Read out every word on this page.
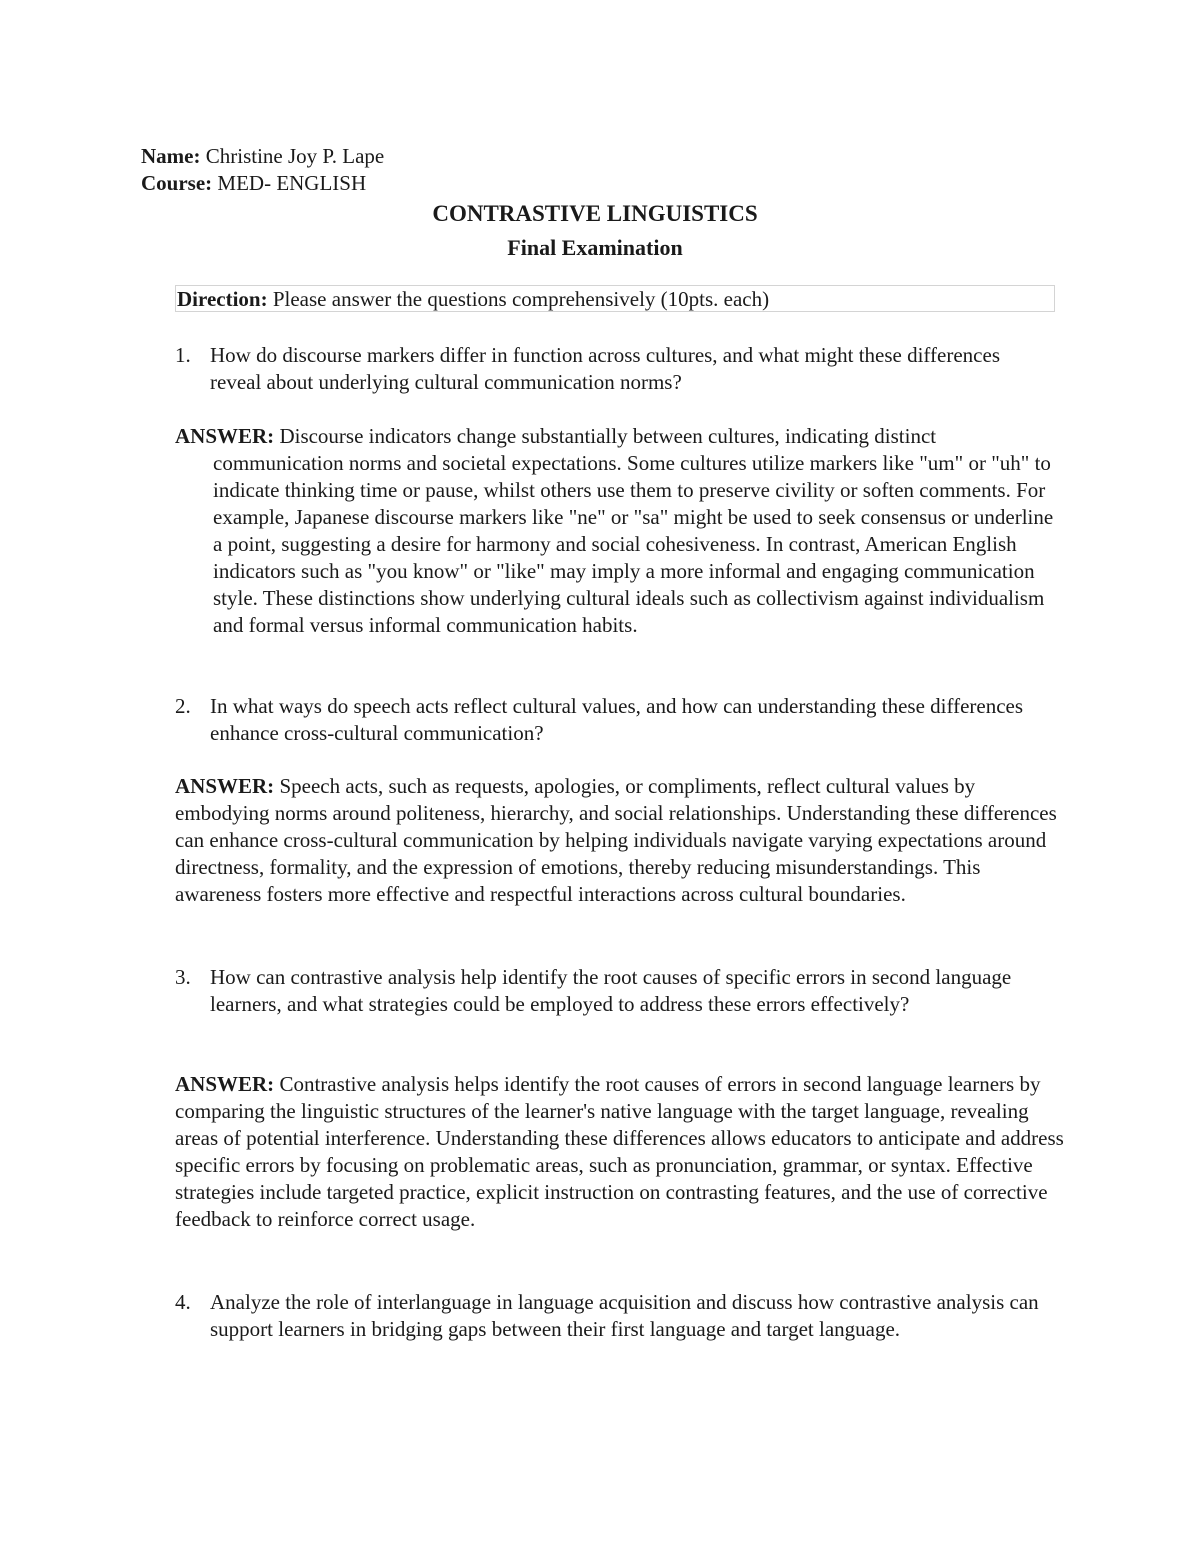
Name: Christine Joy P. Lape
Course: MED- ENGLISH
CONTRASTIVE LINGUISTICS
Final Examination
Direction: Please answer the questions comprehensively (10pts. each)
1. How do discourse markers differ in function across cultures, and what might these differences reveal about underlying cultural communication norms?
ANSWER: Discourse indicators change substantially between cultures, indicating distinct communication norms and societal expectations. Some cultures utilize markers like "um" or "uh" to indicate thinking time or pause, whilst others use them to preserve civility or soften comments. For example, Japanese discourse markers like "ne" or "sa" might be used to seek consensus or underline a point, suggesting a desire for harmony and social cohesiveness. In contrast, American English indicators such as "you know" or "like" may imply a more informal and engaging communication style. These distinctions show underlying cultural ideals such as collectivism against individualism and formal versus informal communication habits.
2. In what ways do speech acts reflect cultural values, and how can understanding these differences enhance cross-cultural communication?
ANSWER: Speech acts, such as requests, apologies, or compliments, reflect cultural values by embodying norms around politeness, hierarchy, and social relationships. Understanding these differences can enhance cross-cultural communication by helping individuals navigate varying expectations around directness, formality, and the expression of emotions, thereby reducing misunderstandings. This awareness fosters more effective and respectful interactions across cultural boundaries.
3. How can contrastive analysis help identify the root causes of specific errors in second language learners, and what strategies could be employed to address these errors effectively?
ANSWER: Contrastive analysis helps identify the root causes of errors in second language learners by comparing the linguistic structures of the learner's native language with the target language, revealing areas of potential interference. Understanding these differences allows educators to anticipate and address specific errors by focusing on problematic areas, such as pronunciation, grammar, or syntax. Effective strategies include targeted practice, explicit instruction on contrasting features, and the use of corrective feedback to reinforce correct usage.
4. Analyze the role of interlanguage in language acquisition and discuss how contrastive analysis can support learners in bridging gaps between their first language and target language.
